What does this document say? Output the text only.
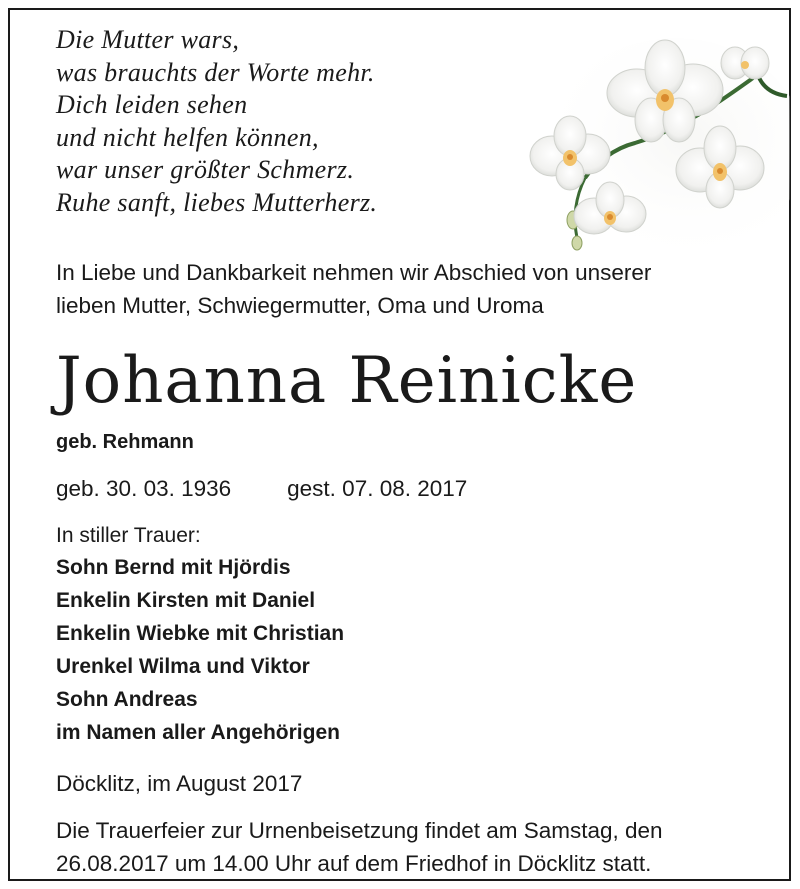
Die Mutter wars,
was brauchts der Worte mehr.
Dich leiden sehen
und nicht helfen können,
war unser größter Schmerz.
Ruhe sanft, liebes Mutterherz.
In Liebe und Dankbarkeit nehmen wir Abschied von unserer
lieben Mutter, Schwiegermutter, Oma und Uroma
Johanna Reinicke
geb. Rehmann
geb. 30. 03. 1936 gest. 07. 08. 2017
In stiller Trauer:
Sohn Bernd mit Hjördis
Enkelin Kirsten mit Daniel
Enkelin Wiebke mit Christian
Urenkel Wilma und Viktor
Sohn Andreas
im Namen aller Angehörigen
Döcklitz, im August 2017
Die Trauerfeier zur Urnenbeisetzung findet am Samstag, den
26.08.2017 um 14.00 Uhr auf dem Friedhof in Döcklitz statt.
